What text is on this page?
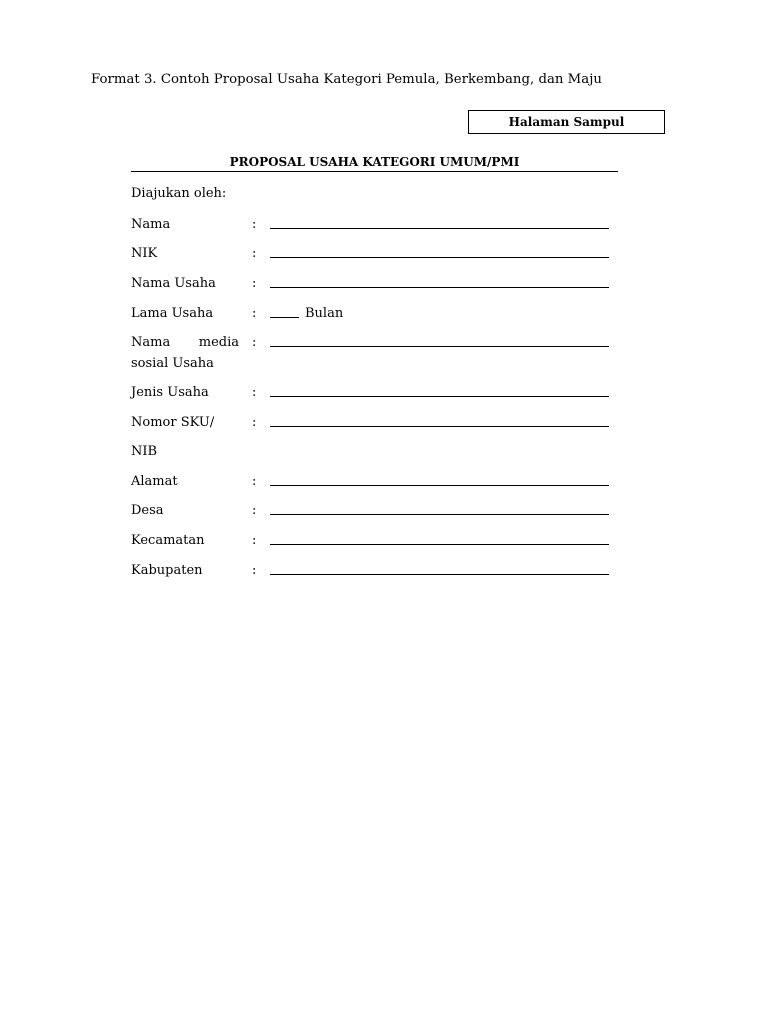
Format 3. Contoh Proposal Usaha Kategori Pemula, Berkembang, dan Maju
Halaman Sampul
PROPOSAL USAHA KATEGORI UMUM/PMI
Diajukan oleh:
Nama	:
NIK	:
Nama Usaha	:
Lama Usaha	:	Bulan
Nama media :
sosial Usaha
Jenis Usaha	:
Nomor SKU/	:
NIB
Alamat	:
Desa	:
Kecamatan	:
Kabupaten	:
